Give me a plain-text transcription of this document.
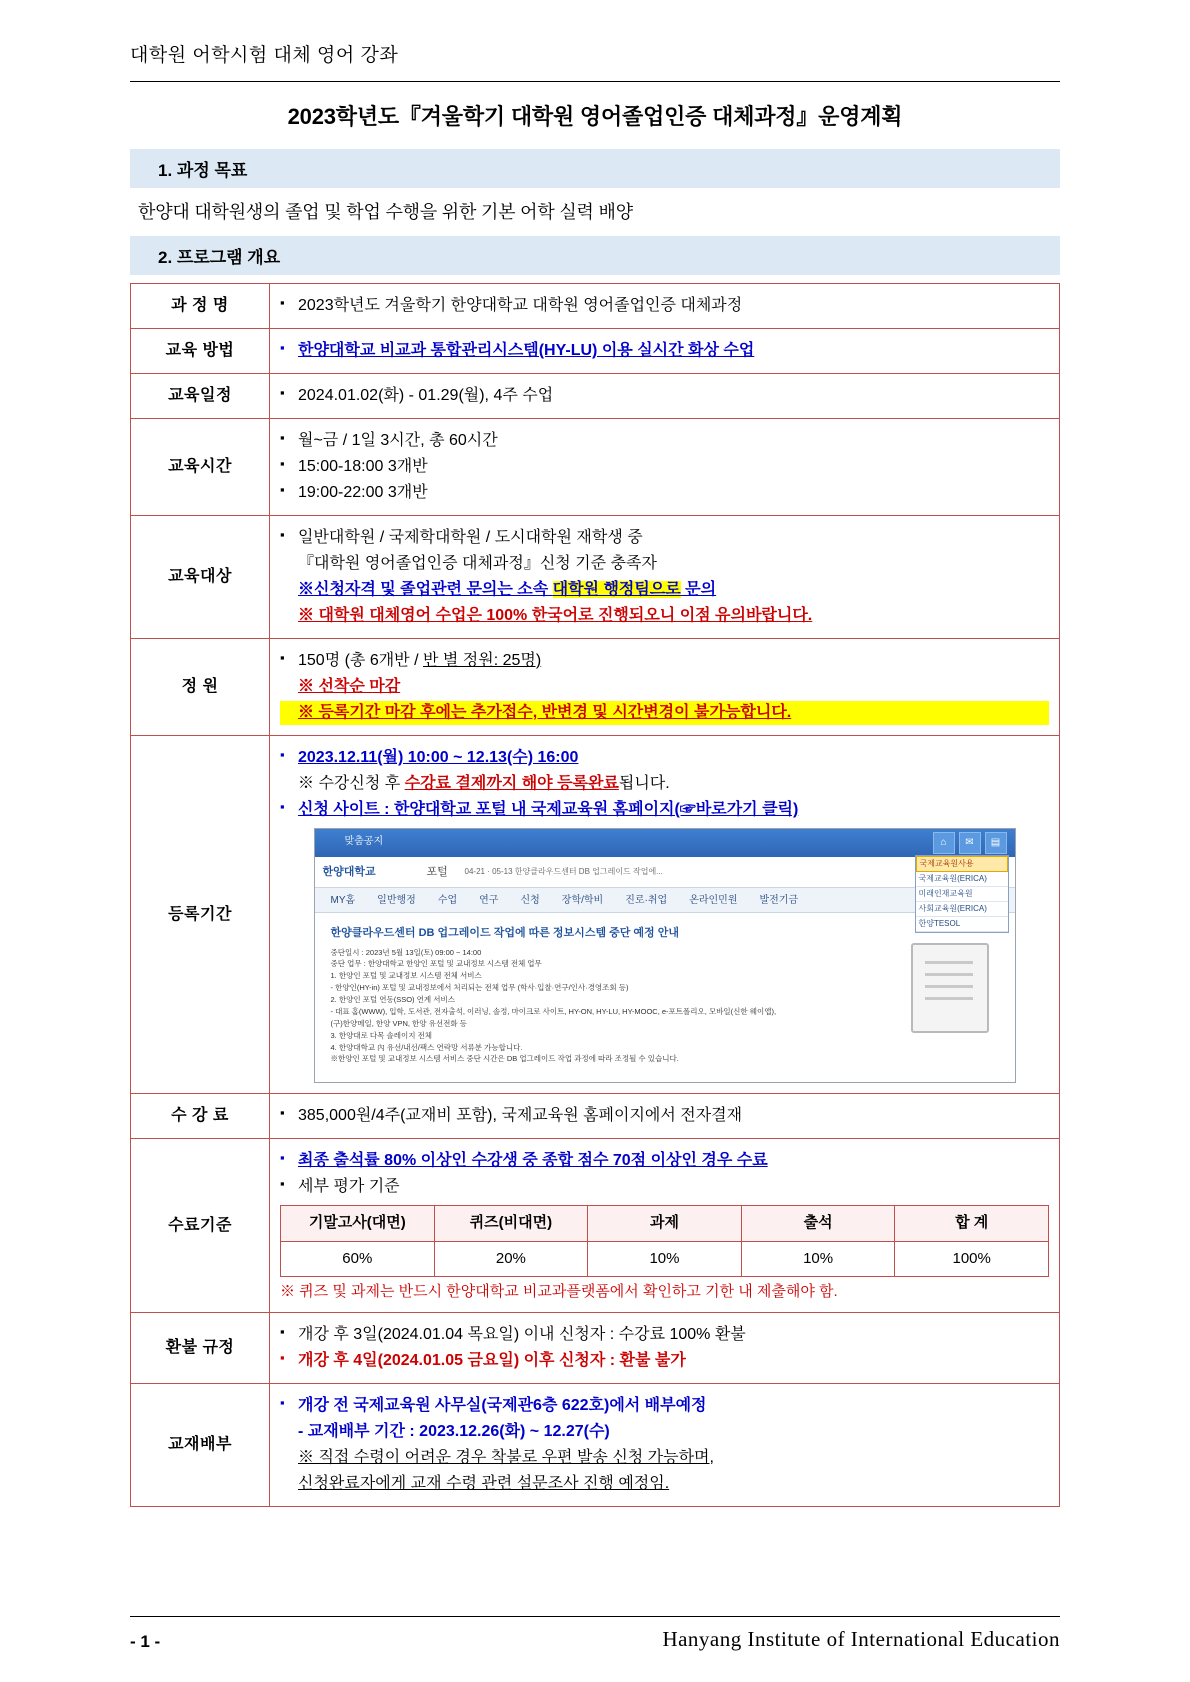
대학원 어학시험 대체 영어 강좌
2023학년도『겨울학기 대학원 영어졸업인증 대체과정』운영계획
1. 과정 목표
한양대 대학원생의 졸업 및 학업 수행을 위한 기본 어학 실력 배양
2. 프로그램 개요
과 정 명	
▪2023학년도 겨울학기 한양대학교 대학원 영어졸업인증 대체과정

교육 방법	
▪한양대학교 비교과 통합관리시스템(HY-LU) 이용 실시간 화상 수업

교육일정	
▪2024.01.02(화) - 01.29(월), 4주 수업

교육시간	
▪ 월~금 / 1일 3시간, 총 60시간
▪ 15:00-18:00 3개반
▪ 19:00-22:00 3개반

교육대상	
▪ 일반대학원 / 국제학대학원 / 도시대학원 재학생 중
『대학원 영어졸업인증 대체과정』신청 기준 충족자
※신청자격 및 졸업관련 문의는 소속 대학원 행정팀으로 문의
※ 대학원 대체영어 수업은 100% 한국어로 진행되오니 이점 유의바랍니다.

정 원	
▪ 150명 (총 6개반 / 반 별 정원: 25명)
※ 선착순 마감
※ 등록기간 마감 후에는 추가접수, 반변경 및 시간변경이 불가능합니다.

등록기간	
▪ 2023.12.11(월) 10:00 ~ 12.13(수) 16:00
※ 수강신청 후 수강료 결제까지 해야 등록완료됩니다.
▪ 신청 사이트 : 한양대학교 포털 내 국제교육원 홈페이지(☞바로가기 클릭)
맞춤공지	⌂	✉	▤
국제교육원사용
국제교육원(ERICA)
미래인재교육원
사회교육원(ERICA)
한양TESOL
한양대학교	포털 04-21 · 05-13 한양클라우드센터 DB 업그레이드 작업에...
MY홈 일반행정 수업 연구 신청 장학/학비 진로·취업 온라인민원 발전기금
한양클라우드센터 DB 업그레이드 작업에 따른 정보시스템 중단 예정 안내

중단일시 : 2023년 5월 13일(토) 09:00 ~ 14:00

중단 업무 : 한양대학교 한양인 포털 및 교내정보 시스템 전체 업무

1. 한양인 포털 및 교내정보 시스템 전체 서비스

- 한양인(HY-in) 포털 및 교내정보에서 처리되는 전체 업무 (학사·입찰·연구/인사·경영조회 등)

2. 한양인 포털 연동(SSO) 연계 서비스

- 대표 홈(WWW), 입학, 도서관, 전자출석, 이러닝, 솔정, 마이크로 사이트, HY-ON, HY-LU, HY-MOOC, e-포트폴리오, 모바일(신한 웨이앱),

(구)한양메일, 한양 VPN, 한양 유선전화 등

3. 한양대로 다목 솔레이지 전체

4. 한양대학교 內 유선/내선/팩스 연락망 서류분 가능합니다.

※한양인 포털 및 교내정보 시스템 서비스 중단 시간은 DB 업그레이드 작업 과정에 따라 조정될 수 있습니다.

수 강 료	
▪385,000원/4주(교재비 포함), 국제교육원 홈페이지에서 전자결재

수료기준	
▪ 최종 출석률 80% 이상인 수강생 중 종합 점수 70점 이상인 경우 수료
▪ 세부 평가 기준
기말고사(대면)	퀴즈(비대면)	과제	출석	합 계
60%	20%	10%	10%	100%
※ 퀴즈 및 과제는 반드시 한양대학교 비교과플랫폼에서 확인하고 기한 내 제출해야 함.

환불 규정	
▪ 개강 후 3일(2024.01.04 목요일) 이내 신청자 : 수강료 100% 환불
▪ 개강 후 4일(2024.01.05 금요일) 이후 신청자 : 환불 불가

교재배부	
▪ 개강 전 국제교육원 사무실(국제관6층 622호)에서 배부예정
- 교재배부 기간 : 2023.12.26(화) ~ 12.27(수)
※ 직접 수령이 어려운 경우 착불로 우편 발송 신청 가능하며,
신청완료자에게 교재 수령 관련 설문조사 진행 예정임.
- 1 -	Hanyang Institute of International Education
